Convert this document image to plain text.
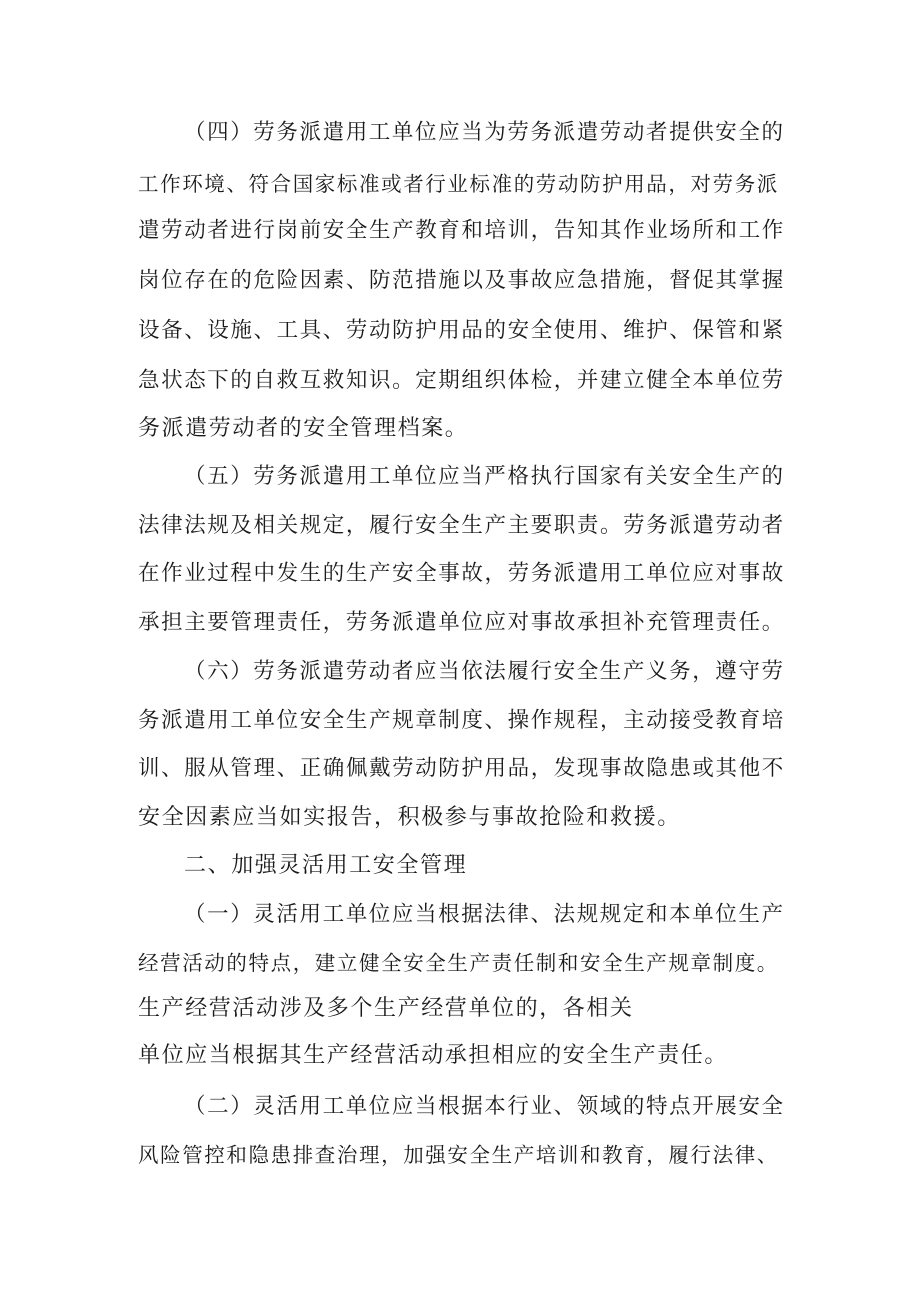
（四）劳务派遣用工单位应当为劳务派遣劳动者提供安全的

工作环境、符合国家标准或者行业标准的劳动防护用品，对劳务派

遣劳动者进行岗前安全生产教育和培训，告知其作业场所和工作

岗位存在的危险因素、防范措施以及事故应急措施，督促其掌握

设备、设施、工具、劳动防护用品的安全使用、维护、保管和紧

急状态下的自救互救知识。定期组织体检，并建立健全本单位劳

务派遣劳动者的安全管理档案。

（五）劳务派遣用工单位应当严格执行国家有关安全生产的

法律法规及相关规定，履行安全生产主要职责。劳务派遣劳动者

在作业过程中发生的生产安全事故，劳务派遣用工单位应对事故

承担主要管理责任，劳务派遣单位应对事故承担补充管理责任。

（六）劳务派遣劳动者应当依法履行安全生产义务，遵守劳

务派遣用工单位安全生产规章制度、操作规程，主动接受教育培

训、服从管理、正确佩戴劳动防护用品，发现事故隐患或其他不

安全因素应当如实报告，积极参与事故抢险和救援。

二、加强灵活用工安全管理

（一）灵活用工单位应当根据法律、法规规定和本单位生产

经营活动的特点，建立健全安全生产责任制和安全生产规章制度。

生产经营活动涉及多个生产经营单位的，各相关

单位应当根据其生产经营活动承担相应的安全生产责任。

（二）灵活用工单位应当根据本行业、领域的特点开展安全

风险管控和隐患排查治理，加强安全生产培训和教育，履行法律、
